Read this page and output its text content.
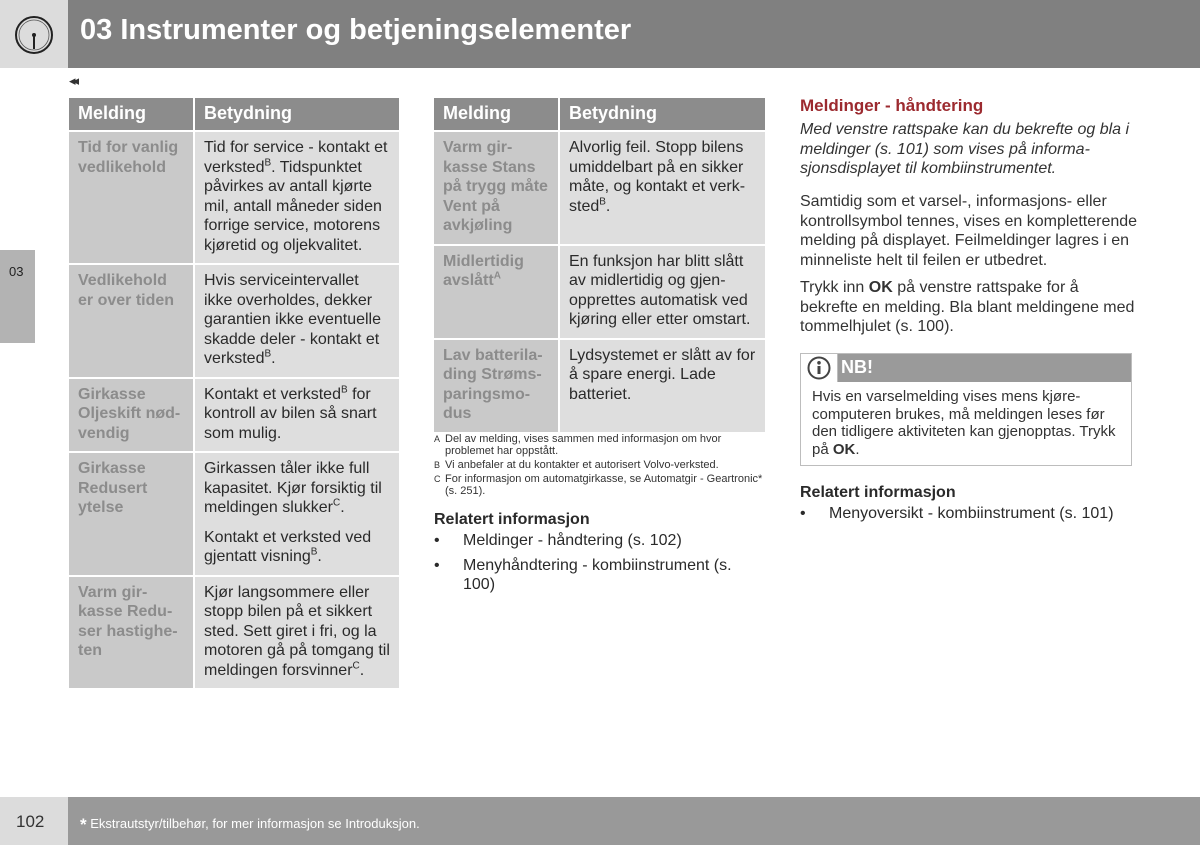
03 Instrumenter og betjeningselementer
◂◂
03
Melding	Betydning
Tid for vanlig vedlikehold	Tid for service - kontakt et verksted$^B$. Tidspunktet påvirkes av antall kjørte mil, antall måneder siden forrige service, motorens kjøretid og oljekvalitet.
Vedlikehold er over tiden	Hvis serviceintervallet ikke overholdes, dekker garantien ikke eventuelle skadde deler - kontakt et verksted$^B$.
Girkasse Oljeskift nødvendig	Kontakt et verksted$^B$ for kontroll av bilen så snart som mulig.
Girkasse Redusert ytelse	Girkassen tåler ikke full kapasitet. Kjør forsiktig til meldingen slukker$^C$.
Kontakt et verksted ved gjentatt visning$^B$.

Varm girkasse Reduser hastigheten	Kjør langsommere eller stopp bilen på et sikkert sted. Sett giret i fri, og la motoren gå på tomgang til meldingen forsvinner$^C$.
Melding	Betydning
Varm girkasse Stans på trygg måte Vent på avkjøling	Alvorlig feil. Stopp bilens umiddelbart på en sikker måte, og kontakt et verksted$^B$.
Midlertidig avslått$^A$	En funksjon har blitt slått av midlertidig og gjenopprettes automatisk ved kjøring eller etter omstart.
Lav batterilading Strømsparingsmodus	Lydsystemet er slått av for å spare energi. Lade batteriet.
A Del av melding, vises sammen med informasjon om hvor problemet har oppstått.
B Vi anbefaler at du kontakter et autorisert Volvo-verksted.
C For informasjon om automatgirkasse, se Automatgir - Geartronic* (s. 251).
Relatert informasjon
• Meldinger - håndtering (s. 102)
• Menyhåndtering - kombiinstrument (s. 100)
Meldinger - håndtering
Med venstre rattspake kan du bekrefte og bla i meldinger (s. 101) som vises på informasjonsdisplayet til kombiinstrumentet.
Samtidig som et varsel-, informasjons- eller kontrollsymbol tennes, vises en kompletterende melding på displayet. Feilmeldinger lagres i en minneliste helt til feilen er utbedret.
Trykk inn OK på venstre rattspake for å bekrefte en melding. Bla blant meldingene med tommelhjulet (s. 100).
NB!
Hvis en varselmelding vises mens kjørecomputeren brukes, må meldingen leses før den tidligere aktiviteten kan gjenopptas. Trykk på OK.
Relatert informasjon
• Menyoversikt - kombiinstrument (s. 101)
102 * Ekstrautstyr/tilbehør, for mer informasjon se Introduksjon.
